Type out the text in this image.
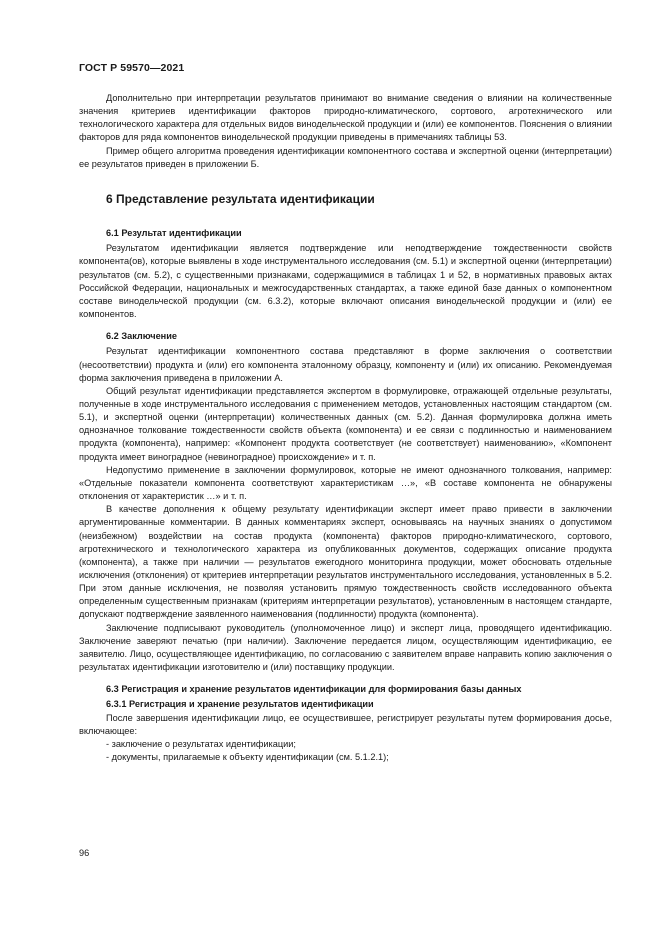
ГОСТ Р 59570—2021

Дополнительно при интерпретации результатов принимают во внимание сведения о влиянии на количественные значения критериев идентификации факторов природно-климатического, сортового, агротехнического или технологического характера для отдельных видов винодельческой продукции и (или) ее компонентов. Пояснения о влиянии факторов для ряда компонентов винодельческой продукции приведены в примечаниях таблицы 53.

Пример общего алгоритма проведения идентификации компонентного состава и экспертной оценки (интерпретации) ее результатов приведен в приложении Б.

6 Представление результата идентификации
6.1 Результат идентификации

Результатом идентификации является подтверждение или неподтверждение тождественности свойств компонента(ов), которые выявлены в ходе инструментального исследования (см. 5.1) и экспертной оценки (интерпретации) результатов (см. 5.2), с существенными признаками, содержащимися в таблицах 1 и 52, в нормативных правовых актах Российской Федерации, национальных и межгосударственных стандартах, а также единой базе данных о компонентном составе винодельческой продукции (см. 6.3.2), которые включают описания винодельческой продукции и (или) ее компонентов.

6.2 Заключение

Результат идентификации компонентного состава представляют в форме заключения о соответствии (несоответствии) продукта и (или) его компонента эталонному образцу, компоненту и (или) их описанию. Рекомендуемая форма заключения приведена в приложении А.

Общий результат идентификации представляется экспертом в формулировке, отражающей отдельные результаты, полученные в ходе инструментального исследования с применением методов, установленных настоящим стандартом (см. 5.1), и экспертной оценки (интерпретации) количественных данных (см. 5.2). Данная формулировка должна иметь однозначное толкование тождественности свойств объекта (компонента) и ее связи с подлинностью и наименованием продукта (компонента), например: «Компонент продукта соответствует (не соответствует) наименованию», «Компонент продукта имеет виноградное (невиноградное) происхождение» и т. п.

Недопустимо применение в заключении формулировок, которые не имеют однозначного толкования, например: «Отдельные показатели компонента соответствуют характеристикам …», «В составе компонента не обнаружены отклонения от характеристик …» и т. п.

В качестве дополнения к общему результату идентификации эксперт имеет право привести в заключении аргументированные комментарии. В данных комментариях эксперт, основываясь на научных знаниях о допустимом (неизбежном) воздействии на состав продукта (компонента) факторов природно-климатического, сортового, агротехнического и технологического характера из опубликованных документов, содержащих описание продукта (компонента), а также при наличии — результатов ежегодного мониторинга продукции, может обосновать отдельные исключения (отклонения) от критериев интерпретации результатов инструментального исследования, установленных в 5.2. При этом данные исключения, не позволяя установить прямую тождественность свойств исследованного объекта определенным существенным признакам (критериям интерпретации результатов), установленным в настоящем стандарте, допускают подтверждение заявленного наименования (подлинности) продукта (компонента).

Заключение подписывают руководитель (уполномоченное лицо) и эксперт лица, проводящего идентификацию. Заключение заверяют печатью (при наличии). Заключение передается лицом, осуществляющим идентификацию, ее заявителю. Лицо, осуществляющее идентификацию, по согласованию с заявителем вправе направить копию заключения о результатах идентификации изготовителю и (или) поставщику продукции.

6.3 Регистрация и хранение результатов идентификации для формирования базы данных
6.3.1 Регистрация и хранение результатов идентификации

После завершения идентификации лицо, ее осуществившее, регистрирует результаты путем формирования досье, включающее:

- заключение о результатах идентификации;
- документы, прилагаемые к объекту идентификации (см. 5.1.2.1);
96
